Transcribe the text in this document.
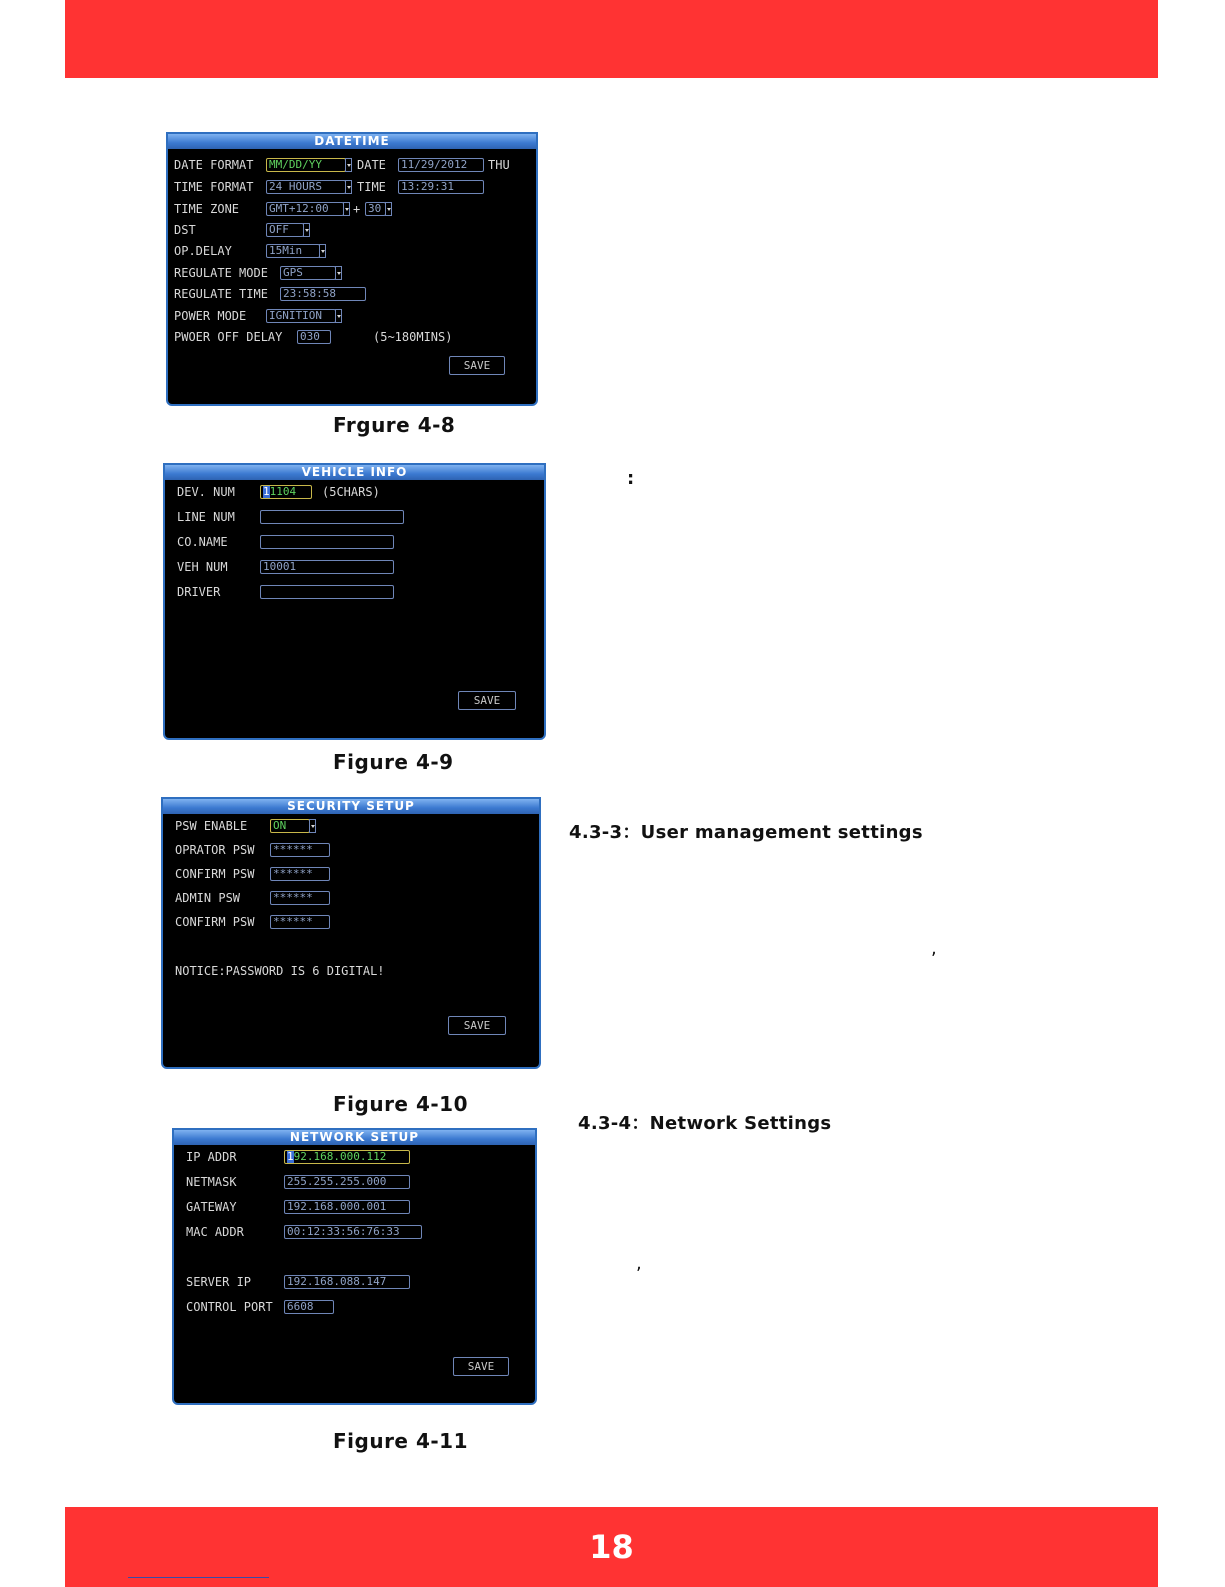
DATETIME
DATE FORMAT MM/DD/YY	DATE 11/29/2012	THU
TIME FORMAT 24 HOURS	TIME 13:29:31
TIME ZONE	GMT+12:00	+ 30
DST	OFF
OP.DELAY	15Min
REGULATE MODE GPS
REGULATE TIME 23:58:58
POWER MODE IGNITION
PWOER OFF DELAY 030	(5~180MINS)
SAVE
Frgure 4-8
VEHICLE INFO
DEV. NUM	11104	(5CHARS)
LINE NUM
CO.NAME
VEH NUM	10001
DRIVER
SAVE
Figure 4-9
:
SECURITY SETUP
PSW ENABLE ON
OPRATOR PSW ******
CONFIRM PSW ******
ADMIN PSW	******
CONFIRM PSW ******
NOTICE:PASSWORD IS 6 DIGITAL!
SAVE
Figure 4-10
4.3-3：User management settings
,
NETWORK SETUP
IP ADDR	192.168.000.112
NETMASK	255.255.255.000
GATEWAY	192.168.000.001
MAC ADDR	00:12:33:56:76:33
SERVER IP	192.168.088.147
CONTROL PORT 6608
SAVE
Figure 4-11
4.3-4：Network Settings
,
18
